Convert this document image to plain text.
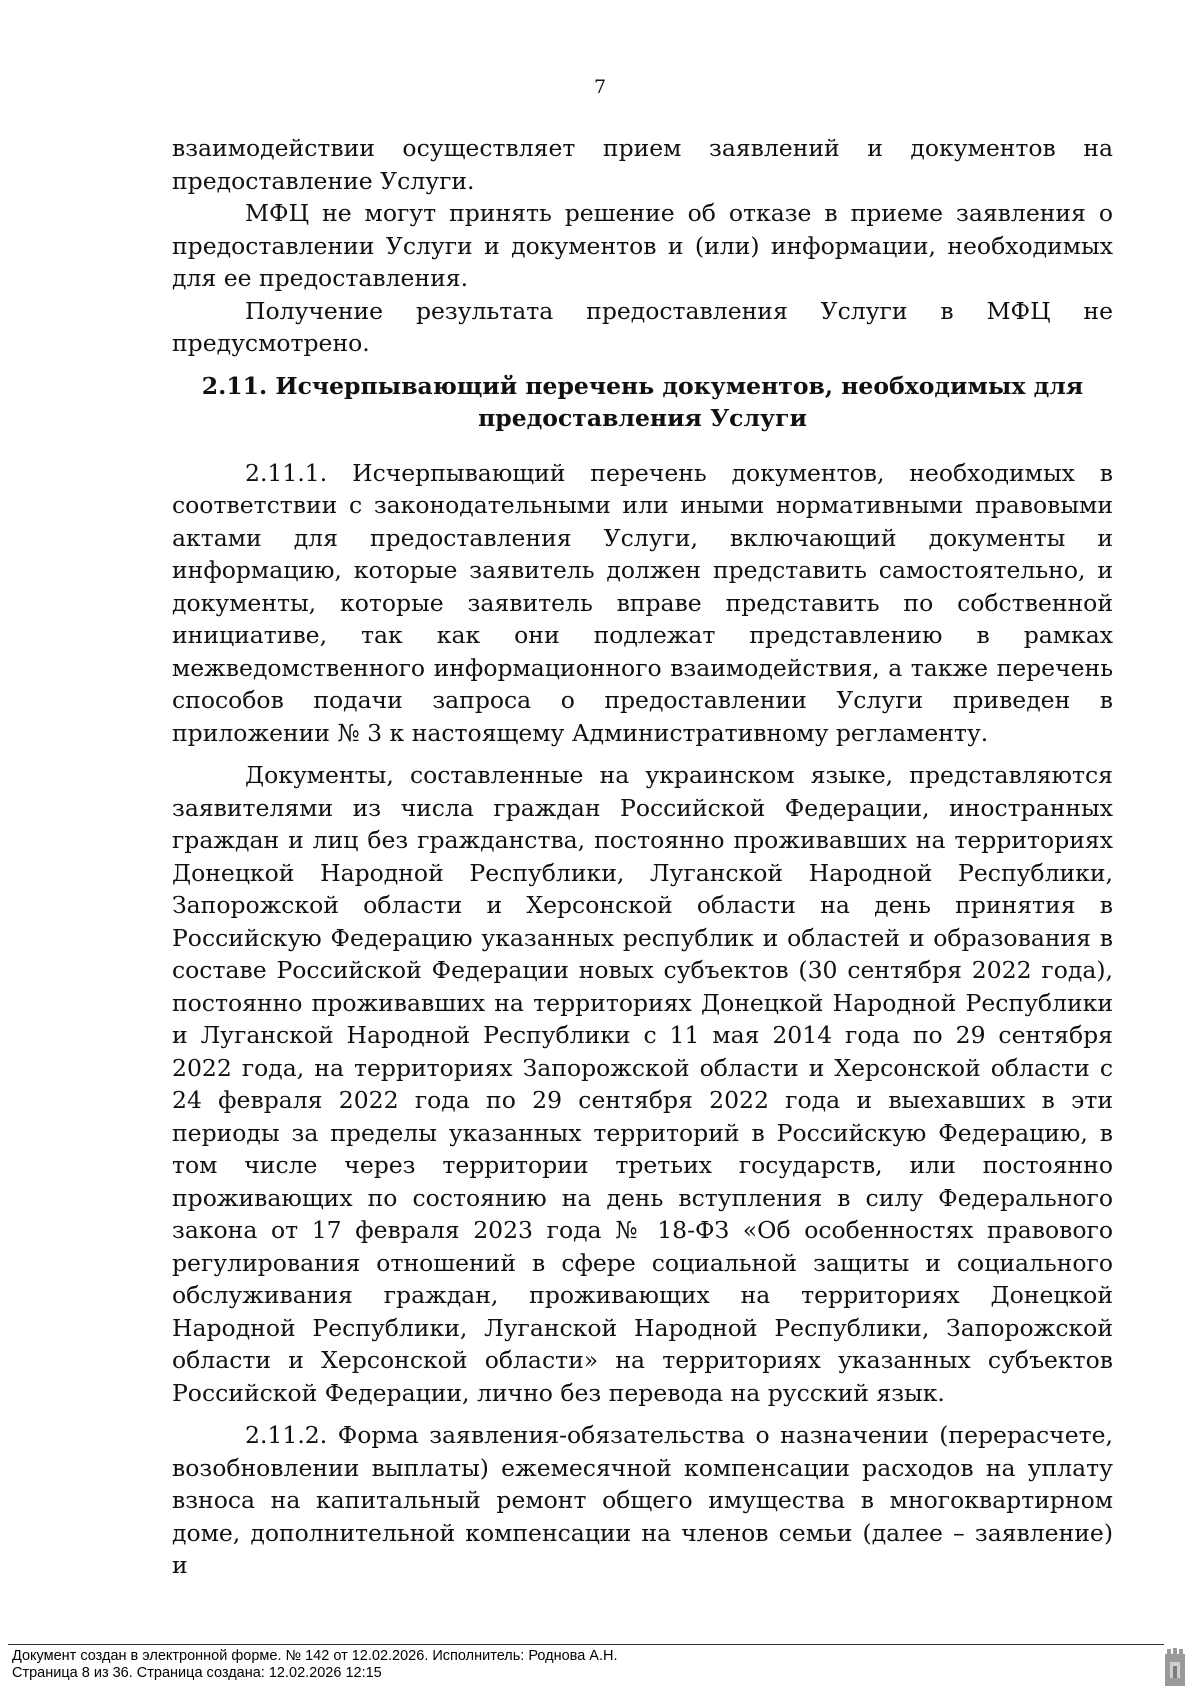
7

взаимодействии осуществляет прием заявлений и документов на предоставление Услуги.

МФЦ не могут принять решение об отказе в приеме заявления о предоставлении Услуги и документов и (или) информации, необходимых для ее предоставления.

Получение результата предоставления Услуги в МФЦ не предусмотрено.

2.11. Исчерпывающий перечень документов, необходимых для
предоставления Услуги

2.11.1. Исчерпывающий перечень документов, необходимых в соответствии с законодательными или иными нормативными правовыми актами для предоставления Услуги, включающий документы и информацию, которые заявитель должен представить самостоятельно, и документы, которые заявитель вправе представить по собственной инициативе, так как они подлежат представлению в рамках межведомственного информационного взаимодействия, а также перечень способов подачи запроса о предоставлении Услуги приведен в приложении № 3 к настоящему Административному регламенту.

Документы, составленные на украинском языке, представляются заявителями из числа граждан Российской Федерации, иностранных граждан и лиц без гражданства, постоянно проживавших на территориях Донецкой Народной Республики, Луганской Народной Республики, Запорожской области и Херсонской области на день принятия в Российскую Федерацию указанных республик и областей и образования в составе Российской Федерации новых субъектов (30 сентября 2022 года), постоянно проживавших на территориях Донецкой Народной Республики и Луганской Народной Республики с 11 мая 2014 года по 29 сентября 2022 года, на территориях Запорожской области и Херсонской области с 24 февраля 2022 года по 29 сентября 2022 года и выехавших в эти периоды за пределы указанных территорий в Российскую Федерацию, в том числе через территории третьих государств, или постоянно проживающих по состоянию на день вступления в силу Федерального закона от 17 февраля 2023 года № 18-ФЗ «Об особенностях правового регулирования отношений в сфере социальной защиты и социального обслуживания граждан, проживающих на территориях Донецкой Народной Республики, Луганской Народной Республики, Запорожской области и Херсонской области» на территориях указанных субъектов Российской Федерации, лично без перевода на русский язык.

2.11.2. Форма заявления-обязательства о назначении (перерасчете, возобновлении выплаты) ежемесячной компенсации расходов на уплату взноса на капитальный ремонт общего имущества в многоквартирном доме, дополнительной компенсации на членов семьи (далее – заявление) и

Документ создан в электронной форме. № 142 от 12.02.2026. Исполнитель: Роднова А.Н.
Страница 8 из 36. Страница создана: 12.02.2026 12:15
